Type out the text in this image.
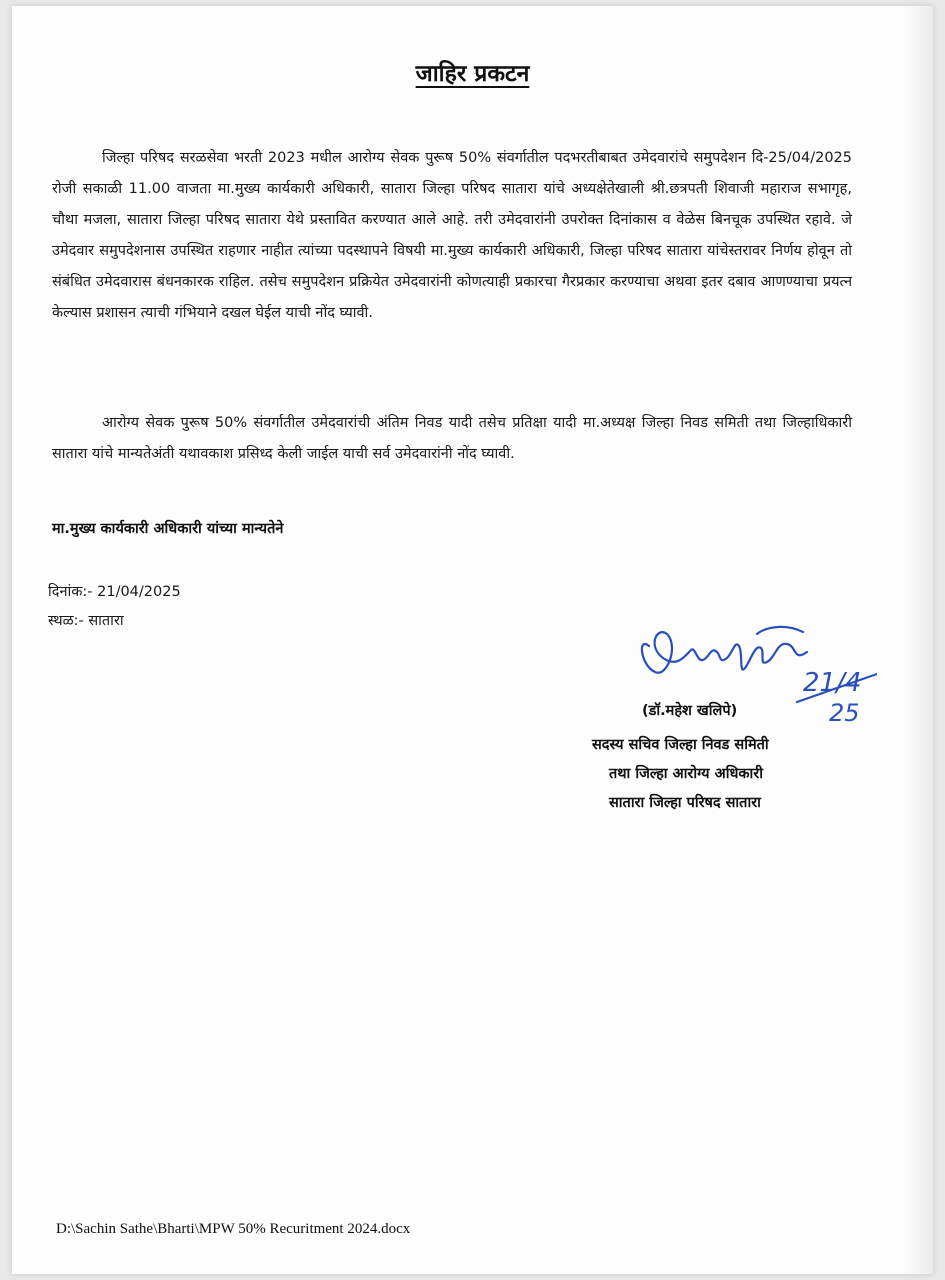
जाहिर प्रकटन

जिल्हा परिषद सरळसेवा भरती 2023 मधील आरोग्य सेवक पुरूष 50% संवर्गातील पदभरतीबाबत उमेदवारांचे समुपदेशन दि-25/04/2025 रोजी सकाळी 11.00 वाजता मा.मुख्य कार्यकारी अधिकारी, सातारा जिल्हा परिषद सातारा यांचे अध्यक्षेतेखाली श्री.छत्रपती शिवाजी महाराज सभागृह, चौथा मजला, सातारा जिल्हा परिषद सातारा येथे प्रस्तावित करण्यात आले आहे. तरी उमेदवारांनी उपरोक्त दिनांकास व वेळेस बिनचूक उपस्थित रहावे. जे उमेदवार समुपदेशनास उपस्थित राहणार नाहीत त्यांच्या पदस्थापने विषयी मा.मुख्य कार्यकारी अधिकारी, जिल्हा परिषद सातारा यांचेस्तरावर निर्णय होवून तो संबंधित उमेदवारास बंधनकारक राहिल. तसेच समुपदेशन प्रक्रियेत उमेदवारांनी कोणत्याही प्रकारचा गैरप्रकार करण्याचा अथवा इतर दबाव आणण्याचा प्रयत्न केल्यास प्रशासन त्याची गंभियाने दखल घेईल याची नोंद घ्यावी.

आरोग्य सेवक पुरूष 50% संवर्गातील उमेदवारांची अंतिम निवड यादी तसेच प्रतिक्षा यादी मा.अध्यक्ष जिल्हा निवड समिती तथा जिल्हाधिकारी सातारा यांचे मान्यतेअंती यथावकाश प्रसिध्द केली जाईल याची सर्व उमेदवारांनी नोंद घ्यावी.

मा.मुख्य कार्यकारी अधिकारी यांच्या मान्यतेने
दिनांक:- 21/04/2025
स्थळ:- सातारा
21/4
25
(डॉ.महेश खलिपे)
सदस्य सचिव जिल्हा निवड समिती
तथा जिल्हा आरोग्य अधिकारी
सातारा जिल्हा परिषद सातारा
D:\Sachin Sathe\Bharti\MPW 50% Recuritment 2024.docx
